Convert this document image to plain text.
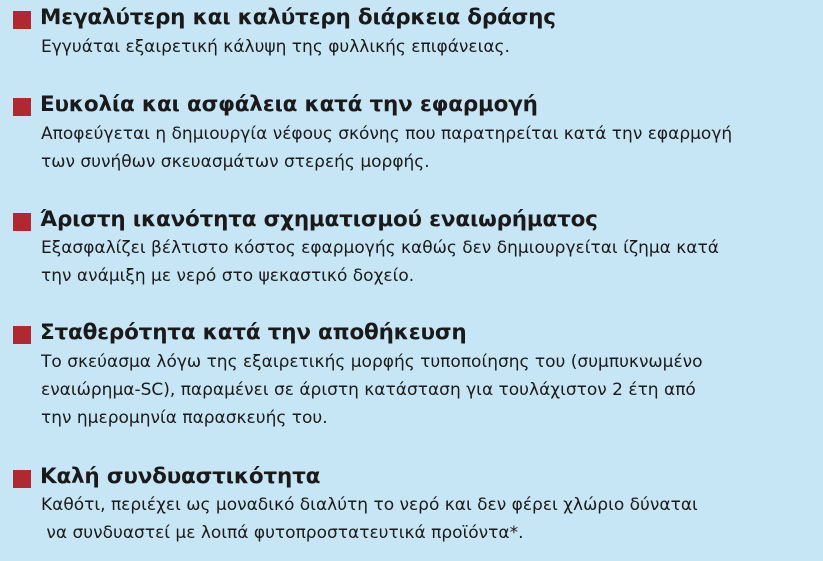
Μεγαλύτερη και καλύτερη διάρκεια δράσης
Εγγυάται εξαιρετική κάλυψη της φυλλικής επιφάνειας.
Ευκολία και ασφάλεια κατά την εφαρμογή
Αποφεύγεται η δημιουργία νέφους σκόνης που παρατηρείται κατά την εφαρμογή
των συνήθων σκευασμάτων στερεής μορφής.
Άριστη ικανότητα σχηματισμού εναιωρήματος
Εξασφαλίζει βέλτιστο κόστος εφαρμογής καθώς δεν δημιουργείται ίζημα κατά
την ανάμιξη με νερό στο ψεκαστικό δοχείο.
Σταθερότητα κατά την αποθήκευση
Το σκεύασμα λόγω της εξαιρετικής μορφής τυποποίησης του (συμπυκνωμένο
εναιώρημα-SC), παραμένει σε άριστη κατάσταση για τουλάχιστον 2 έτη από
την ημερομηνία παρασκευής του.
Καλή συνδυαστικότητα
Καθότι, περιέχει ως μοναδικό διαλύτη το νερό και δεν φέρει χλώριο δύναται
να συνδυαστεί με λοιπά φυτοπροστατευτικά προϊόντα*.
